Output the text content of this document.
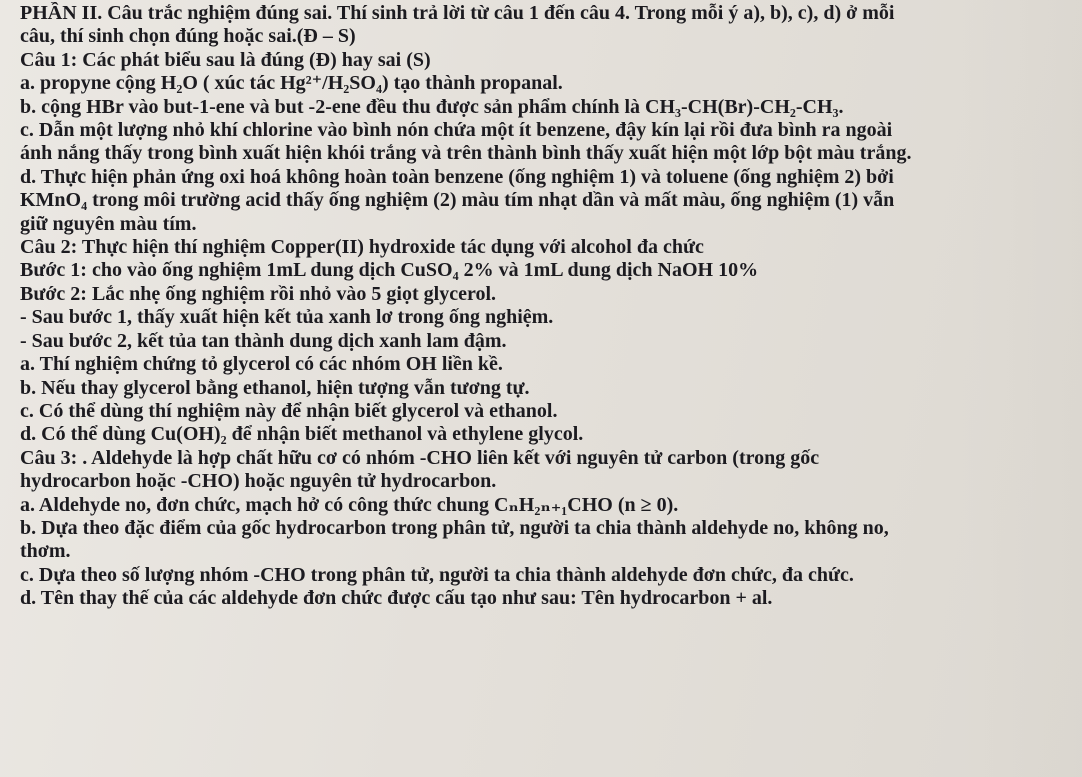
PHẦN II. Câu trắc nghiệm đúng sai. Thí sinh trả lời từ câu 1 đến câu 4. Trong mỗi ý a), b), c), d) ở mỗi
câu, thí sinh chọn đúng hoặc sai.(Đ – S)
Câu 1: Các phát biểu sau là đúng (Đ) hay sai (S)
a. propyne cộng H₂O ( xúc tác Hg²⁺/H₂SO₄) tạo thành propanal.
b. cộng HBr vào but-1-ene và but -2-ene đều thu được sản phẩm chính là CH₃-CH(Br)-CH₂-CH₃.
c. Dẫn một lượng nhỏ khí chlorine vào bình nón chứa một ít benzene, đậy kín lại rồi đưa bình ra ngoài
ánh nắng thấy trong bình xuất hiện khói trắng và trên thành bình thấy xuất hiện một lớp bột màu trắng.
d. Thực hiện phản ứng oxi hoá không hoàn toàn benzene (ống nghiệm 1) và toluene (ống nghiệm 2) bởi
KMnO₄ trong môi trường acid thấy ống nghiệm (2) màu tím nhạt dần và mất màu, ống nghiệm (1) vẫn
giữ nguyên màu tím.
Câu 2: Thực hiện thí nghiệm Copper(II) hydroxide tác dụng với alcohol đa chức
Bước 1: cho vào ống nghiệm 1mL dung dịch CuSO₄ 2% và 1mL dung dịch NaOH 10%
Bước 2: Lắc nhẹ ống nghiệm rồi nhỏ vào 5 giọt glycerol.
- Sau bước 1, thấy xuất hiện kết tủa xanh lơ trong ống nghiệm.
- Sau bước 2, kết tủa tan thành dung dịch xanh lam đậm.
a. Thí nghiệm chứng tỏ glycerol có các nhóm OH liền kề.
b. Nếu thay glycerol bằng ethanol, hiện tượng vẫn tương tự.
c. Có thể dùng thí nghiệm này để nhận biết glycerol và ethanol.
d. Có thể dùng Cu(OH)₂ để nhận biết methanol và ethylene glycol.
Câu 3: . Aldehyde là hợp chất hữu cơ có nhóm -CHO liên kết với nguyên tử carbon (trong gốc
hydrocarbon hoặc -CHO) hoặc nguyên tử hydrocarbon.
a. Aldehyde no, đơn chức, mạch hở có công thức chung CₙH₂ₙ₊₁CHO (n ≥ 0).
b. Dựa theo đặc điểm của gốc hydrocarbon trong phân tử, người ta chia thành aldehyde no, không no,
thơm.
c. Dựa theo số lượng nhóm -CHO trong phân tử, người ta chia thành aldehyde đơn chức, đa chức.
d. Tên thay thế của các aldehyde đơn chức được cấu tạo như sau: Tên hydrocarbon + al.
